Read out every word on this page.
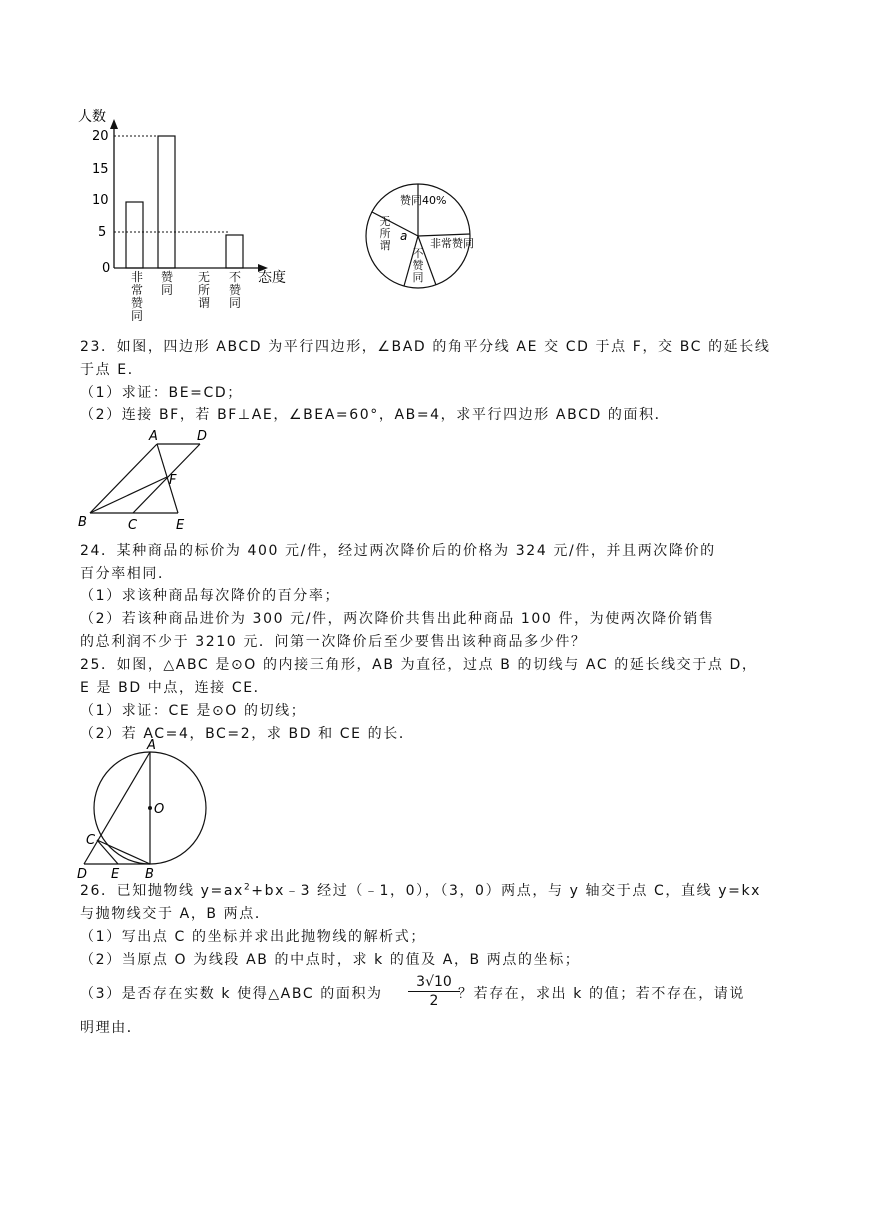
20
15
10
5
0
人数
态度
非常赞同
赞同
无所谓
不赞同
赞同40%
非常赞同
a
无所谓
不赞同
23．如图，四边形 ABCD 为平行四边形，∠BAD 的角平分线 AE 交 CD 于点 F，交 BC 的延长线
于点 E．
（1）求证：BE=CD；
（2）连接 BF，若 BF⊥AE，∠BEA=60°，AB=4，求平行四边形 ABCD 的面积．
A	D
F
B	C	E
24．某种商品的标价为 400 元/件，经过两次降价后的价格为 324 元/件，并且两次降价的
百分率相同．
（1）求该种商品每次降价的百分率；
（2）若该种商品进价为 300 元/件，两次降价共售出此种商品 100 件，为使两次降价销售
的总利润不少于 3210 元．问第一次降价后至少要售出该种商品多少件？
25．如图，△ABC 是⊙O 的内接三角形，AB 为直径，过点 B 的切线与 AC 的延长线交于点 D，
E 是 BD 中点，连接 CE．
（1）求证：CE 是⊙O 的切线；
（2）若 AC=4，BC=2，求 BD 和 CE 的长．
A
O
C
D E B
26．已知抛物线 $y=ax^2+bx﹣3$ 经过（﹣1，0），（3，0）两点，与 y 轴交于点 C，直线 y=kx
与抛物线交于 A，B 两点．
（1）写出点 C 的坐标并求出此抛物线的解析式；
（2）当原点 O 为线段 AB 的中点时，求 k 的值及 A，B 两点的坐标；
（3）是否存在实数 k 使得△ABC 的面积为 $\frac{3√10}{2}$
？若存在，求出 k 的值；若不存在，请说
明理由．
